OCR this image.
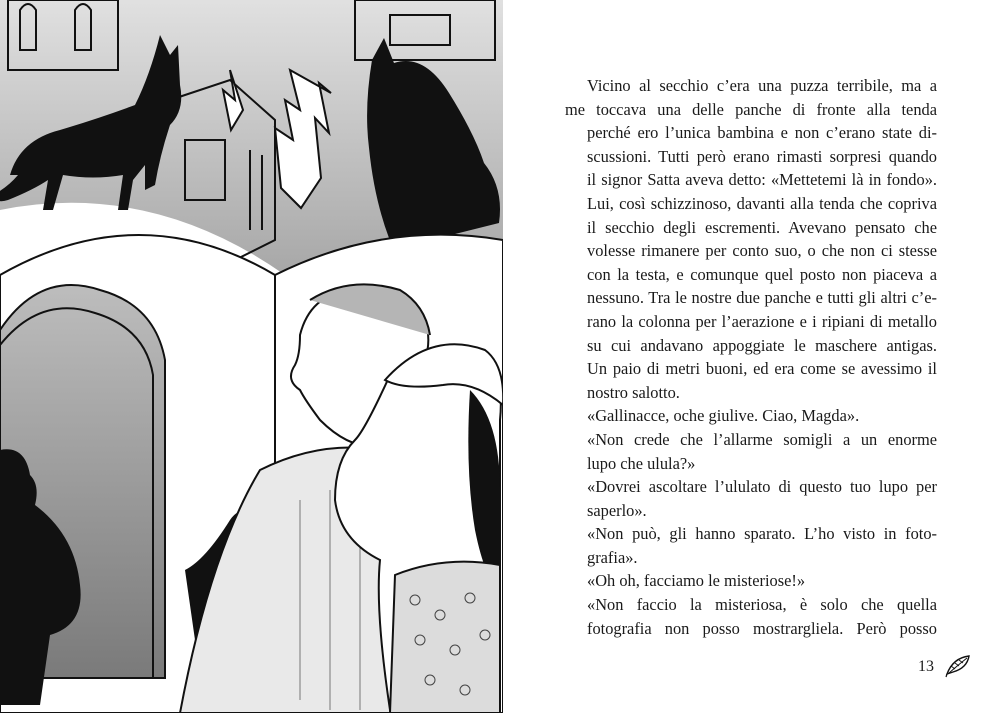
Vicino al secchio c’era una puzza terribile, ma a
me toccava una delle panche di fronte alla tenda
perché ero l’unica bambina e non c’erano state di-
scussioni. Tutti però erano rimasti sorpresi quando
il signor Satta aveva detto: «Mettetemi là in fondo».
Lui, così schizzinoso, davanti alla tenda che copriva
il secchio degli escrementi. Avevano pensato che
volesse rimanere per conto suo, o che non ci stesse
con la testa, e comunque quel posto non piaceva a
nessuno. Tra le nostre due panche e tutti gli altri c’e-
rano la colonna per l’aerazione e i ripiani di metallo
su cui andavano appoggiate le maschere antigas.
Un paio di metri buoni, ed era come se avessimo il
nostro salotto.

«Gallinacce, oche giulive. Ciao, Magda».

«Non crede che l’allarme somigli a un enorme
lupo che ulula?»

«Dovrei ascoltare l’ululato di questo tuo lupo per
saperlo».

«Non può, gli hanno sparato. L’ho visto in foto-
grafia».

«Oh oh, facciamo le misteriose!»

«Non faccio la misteriosa, è solo che quella
fotografia non posso mostrargliela. Però posso

13
